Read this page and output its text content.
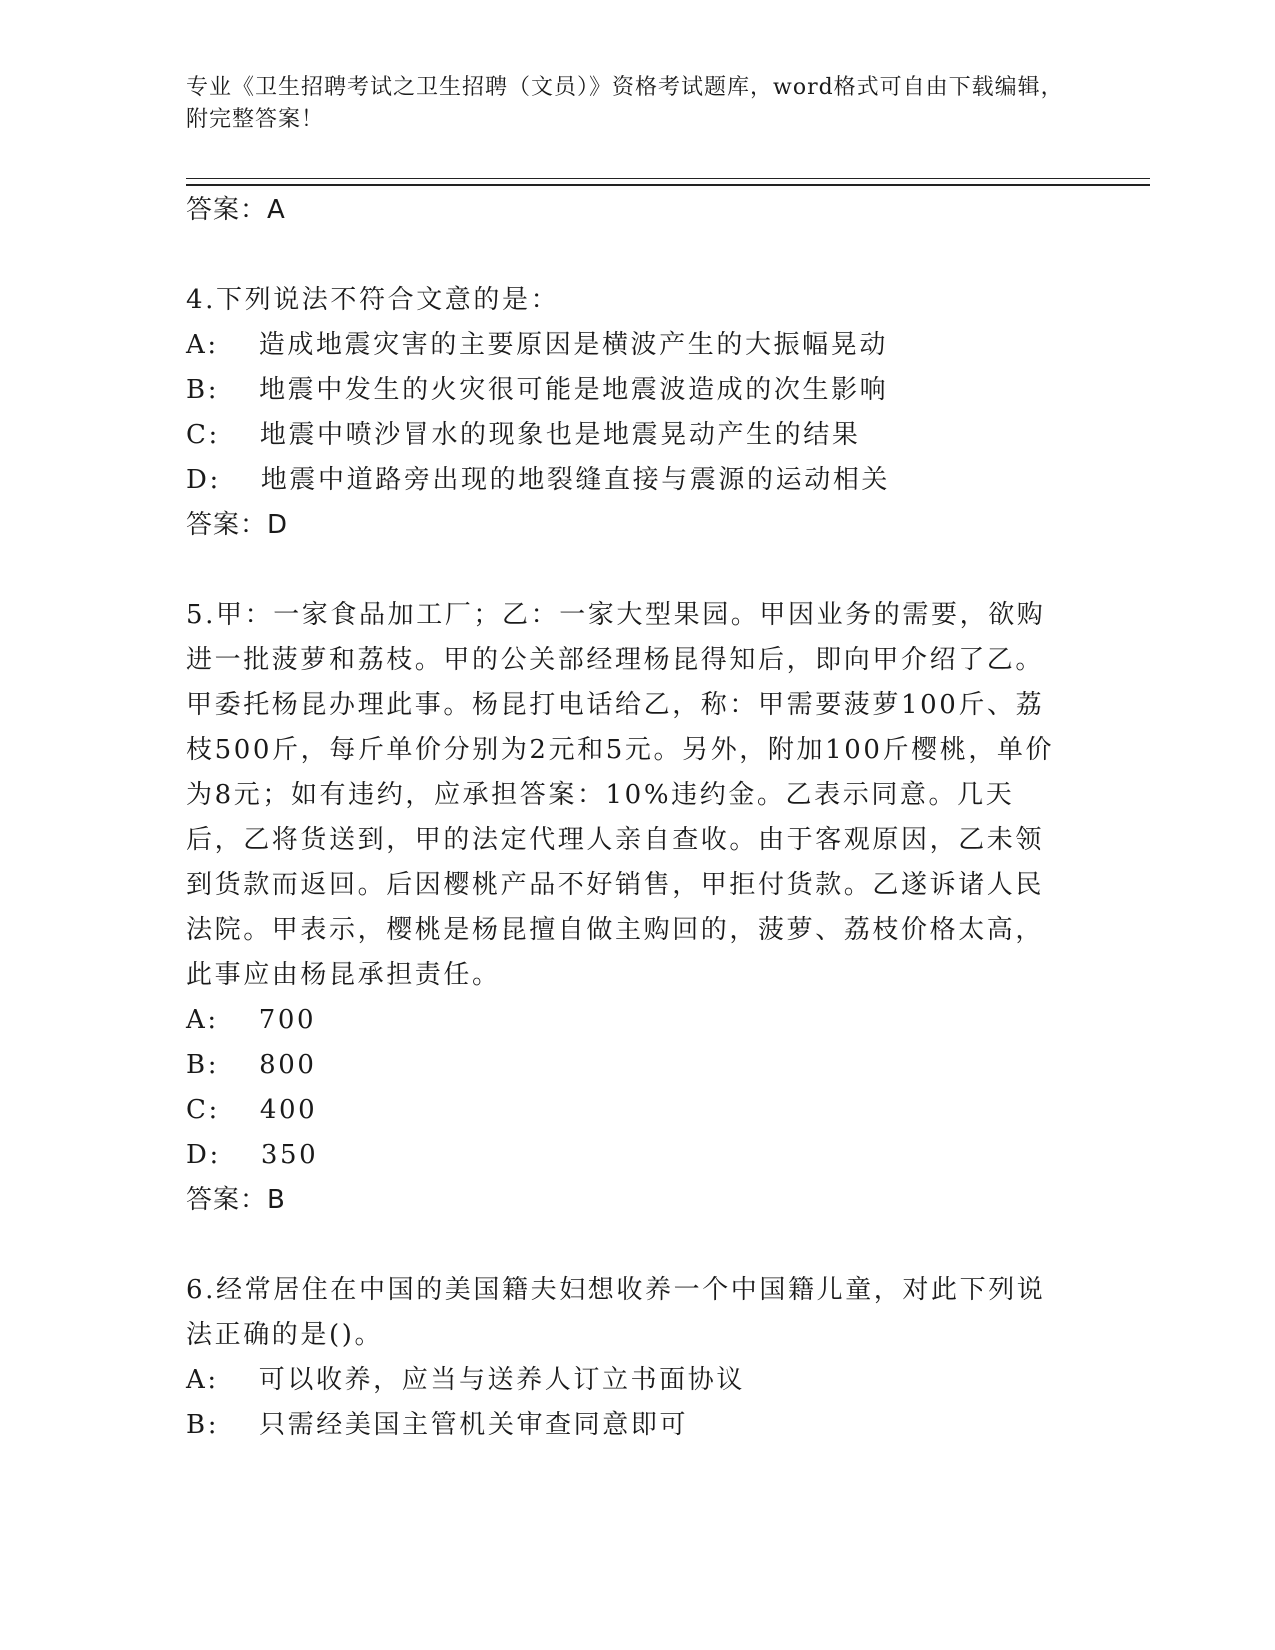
专业《卫生招聘考试之卫生招聘（文员）》资格考试题库，word格式可自由下载编辑，附完整答案！
答案：A

4.下列说法不符合文意的是：

A: 造成地震灾害的主要原因是横波产生的大振幅晃动
B: 地震中发生的火灾很可能是地震波造成的次生影响
C: 地震中喷沙冒水的现象也是地震晃动产生的结果
D: 地震中道路旁出现的地裂缝直接与震源的运动相关
答案：D

5.甲：一家食品加工厂；乙：一家大型果园。甲因业务的需要，欲购进一批菠萝和荔枝。甲的公关部经理杨昆得知后，即向甲介绍了乙。甲委托杨昆办理此事。杨昆打电话给乙，称：甲需要菠萝100斤、荔枝500斤，每斤单价分别为2元和5元。另外，附加100斤樱桃，单价为8元；如有违约，应承担答案：10%违约金。乙表示同意。几天后，乙将货送到，甲的法定代理人亲自查收。由于客观原因，乙未领到货款而返回。后因樱桃产品不好销售，甲拒付货款。乙遂诉诸人民法院。甲表示，樱桃是杨昆擅自做主购回的，菠萝、荔枝价格太高，此事应由杨昆承担责任。

A: 700
B: 800
C: 400
D: 350
答案：B

6.经常居住在中国的美国籍夫妇想收养一个中国籍儿童，对此下列说法正确的是()。

A: 可以收养，应当与送养人订立书面协议
B: 只需经美国主管机关审查同意即可
